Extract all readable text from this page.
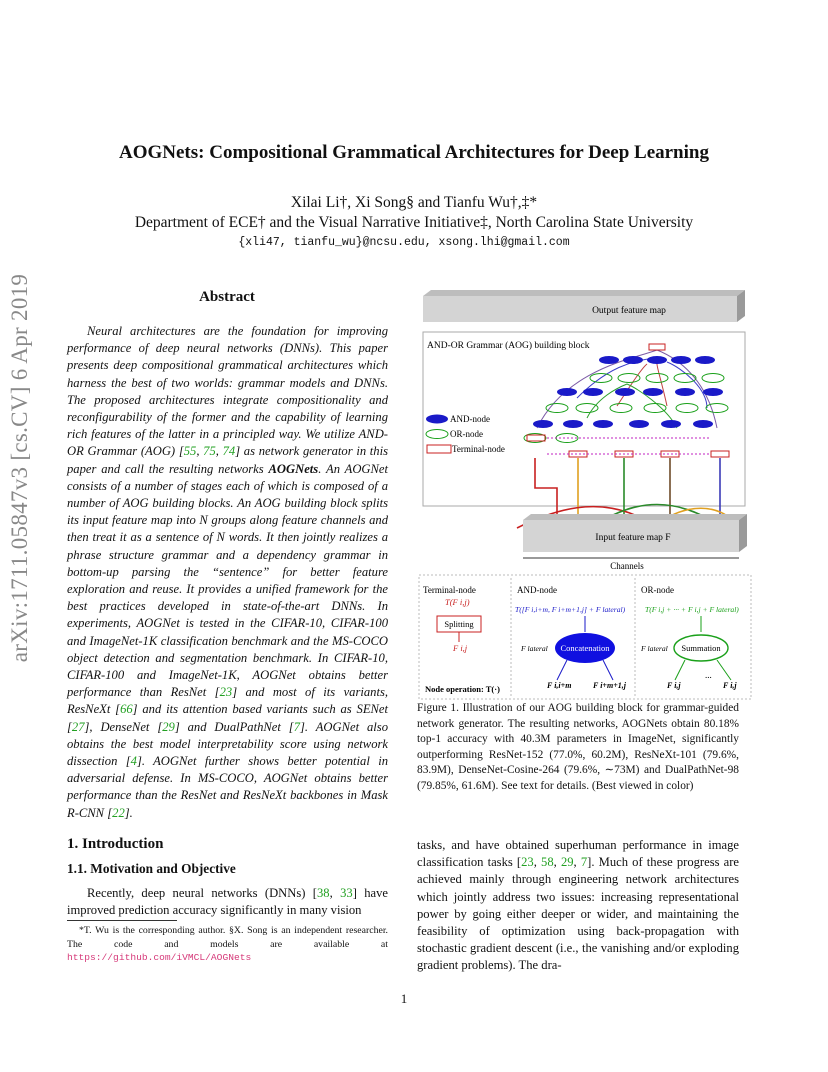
AOGNets: Compositional Grammatical Architectures for Deep Learning
Xilai Li†, Xi Song§ and Tianfu Wu†,‡*
Department of ECE† and the Visual Narrative Initiative‡, North Carolina State University
{xli47, tianfu_wu}@ncsu.edu, xsong.lhi@gmail.com
arXiv:1711.05847v3 [cs.CV] 6 Apr 2019	Abstract
Neural architectures are the foundation for improving performance of deep neural networks (DNNs). This paper presents deep compositional grammatical architectures which harness the best of two worlds: grammar models and DNNs. The proposed architectures integrate compositionality and reconfigurability of the former and the capability of learning rich features of the latter in a principled way. We utilize AND-OR Grammar (AOG) [55, 75, 74] as network generator in this paper and call the resulting networks AOGNets. An AOGNet consists of a number of stages each of which is composed of a number of AOG building blocks. An AOG building block splits its input feature map into N groups along feature channels and then treat it as a sentence of N words. It then jointly realizes a phrase structure grammar and a dependency grammar in bottom-up parsing the “sentence” for better feature exploration and reuse. It provides a unified framework for the best practices developed in state-of-the-art DNNs. In experiments, AOGNet is tested in the CIFAR-10, CIFAR-100 and ImageNet-1K classification benchmark and the MS-COCO object detection and segmentation benchmark. In CIFAR-10, CIFAR-100 and ImageNet-1K, AOGNet obtains better performance than ResNet [23] and most of its variants, ResNeXt [66] and its attention based variants such as SENet [27], DenseNet [29] and DualPathNet [7]. AOGNet also obtains the best model interpretability score using network dissection [4]. AOGNet further shows better potential in adversarial defense. In MS-COCO, AOGNet obtains better performance than the ResNet and ResNeXt backbones in Mask R-CNN [22].
1. Introduction
1.1. Motivation and Objective
Recently, deep neural networks (DNNs) [38, 33] have improved prediction accuracy significantly in many vision
*T. Wu is the corresponding author. §X. Song is an independent researcher. The code and models are available at https://github.com/iVMCL/AOGNets
Output feature map
AND-OR Grammar (AOG) building block
AND-node
OR-node
Terminal-node
Input feature map F
Channels
Terminal-node
T(F i,j)
Splitting
F i,j
Node operation: T(·)
AND-node
T([F i,i+m, F i+m+1,j] + F lateral)
Concatenation
F lateral
F i,i+m	F i+m+1,j
OR-node
T(F i,j + ··· + F i,j + F lateral)
Summation
F lateral
...
F i,j	F i,j
Figure 1. Illustration of our AOG building block for grammar-guided network generator. The resulting networks, AOGNets obtain 80.18% top-1 accuracy with 40.3M parameters in ImageNet, significantly outperforming ResNet-152 (77.0%, 60.2M), ResNeXt-101 (79.6%, 83.9M), DenseNet-Cosine-264 (79.6%, ∼73M) and DualPathNet-98 (79.85%, 61.6M). See text for details. (Best viewed in color)
tasks, and have obtained superhuman performance in image classification tasks [23, 58, 29, 7]. Much of these progress are achieved mainly through engineering network architectures which jointly address two issues: increasing representational power by going either deeper or wider, and maintaining the feasibility of optimization using back-propagation with stochastic gradient descent (i.e., the vanishing and/or exploding gradient problems). The dra-
1
